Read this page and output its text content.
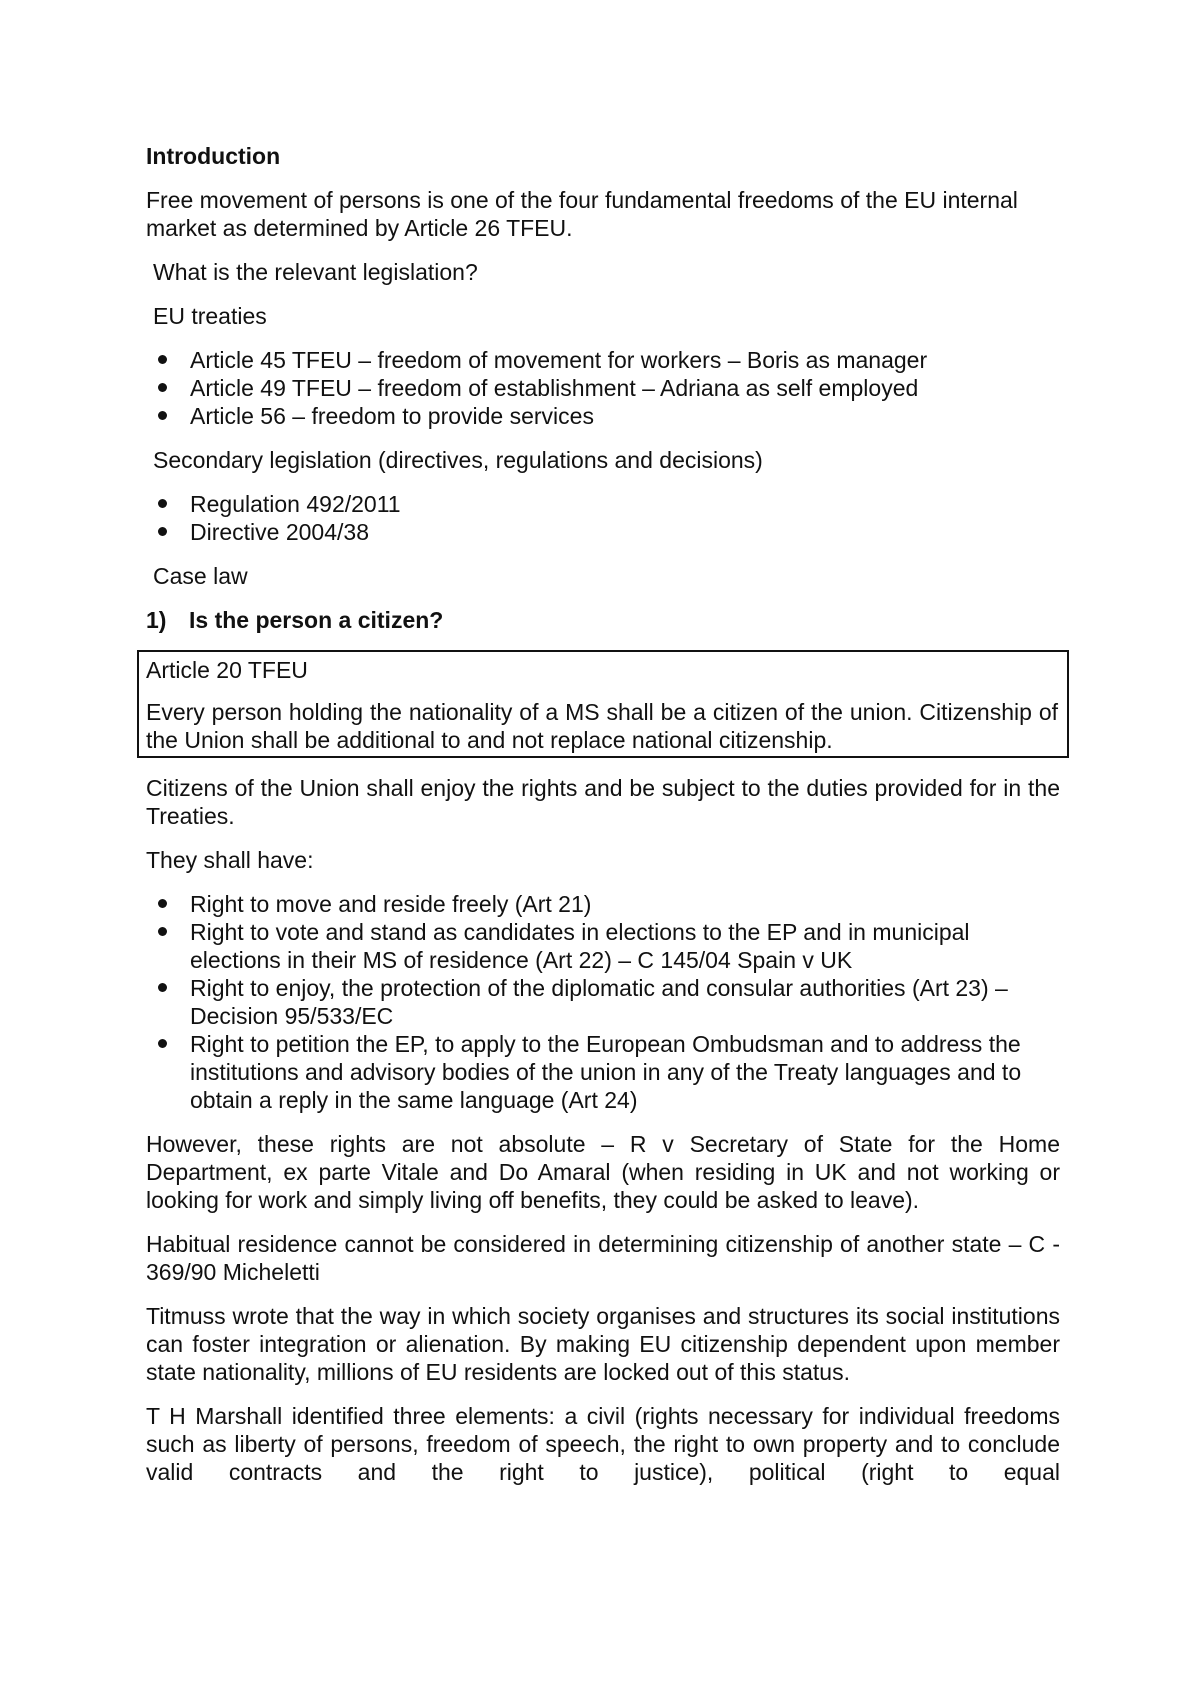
Introduction

Free movement of persons is one of the four fundamental freedoms of the EU internal market as determined by Article 26 TFEU.

What is the relevant legislation?

EU treaties

Article 45 TFEU – freedom of movement for workers – Boris as manager
Article 49 TFEU – freedom of establishment – Adriana as self employed
Article 56 – freedom to provide services

Secondary legislation (directives, regulations and decisions)

Regulation 492/2011
Directive 2004/38

Case law

1) Is the person a citizen?

Article 20 TFEU

Every person holding the nationality of a MS shall be a citizen of the union. Citizenship of the Union shall be additional to and not replace national citizenship.

Citizens of the Union shall enjoy the rights and be subject to the duties provided for in the Treaties.

They shall have:

Right to move and reside freely (Art 21)
Right to vote and stand as candidates in elections to the EP and in municipal elections in their MS of residence (Art 22) – C 145/04 Spain v UK
Right to enjoy, the protection of the diplomatic and consular authorities (Art 23) – Decision 95/533/EC
Right to petition the EP, to apply to the European Ombudsman and to address the institutions and advisory bodies of the union in any of the Treaty languages and to obtain a reply in the same language (Art 24)

However, these rights are not absolute – R v Secretary of State for the Home Department, ex parte Vitale and Do Amaral (when residing in UK and not working or looking for work and simply living off benefits, they could be asked to leave).

Habitual residence cannot be considered in determining citizenship of another state – C - 369/90 Micheletti

Titmuss wrote that the way in which society organises and structures its social institutions can foster integration or alienation. By making EU citizenship dependent upon member state nationality, millions of EU residents are locked out of this status.

T H Marshall identified three elements: a civil (rights necessary for individual freedoms such as liberty of persons, freedom of speech, the right to own property and to conclude valid contracts and the right to justice), political (right to equal
